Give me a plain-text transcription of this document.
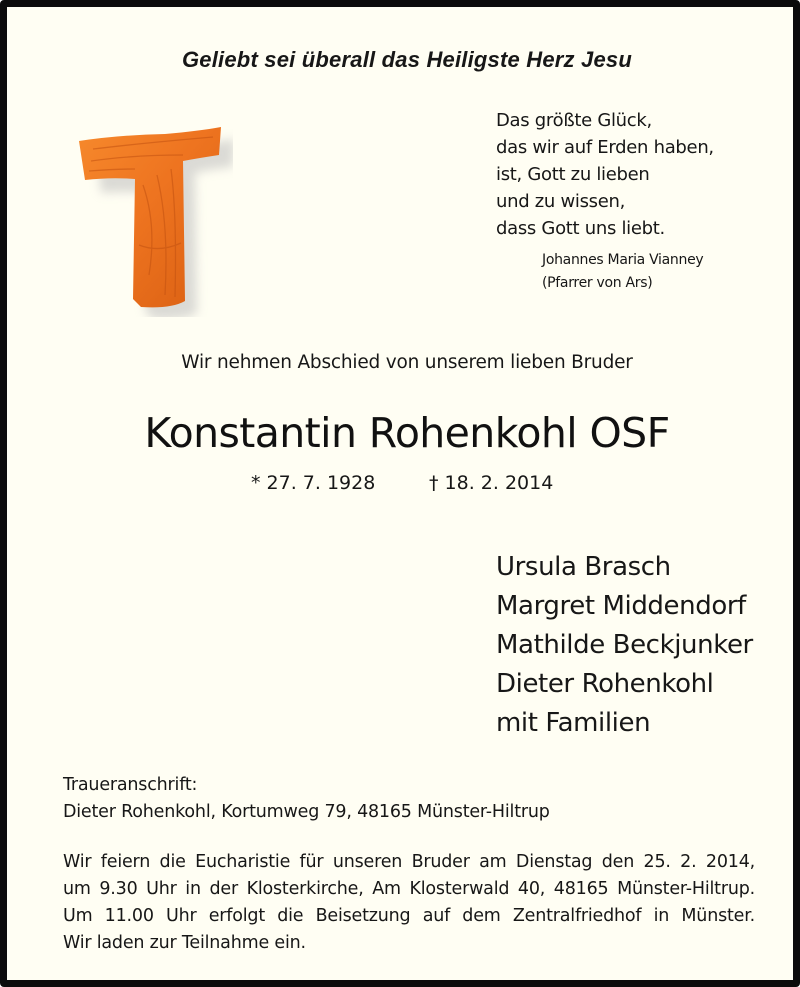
Geliebt sei überall das Heiligste Herz Jesu
Das größte Glück,
das wir auf Erden haben,
ist, Gott zu lieben
und zu wissen,
dass Gott uns liebt.
Johannes Maria Vianney
(Pfarrer von Ars)
Wir nehmen Abschied von unserem lieben Bruder
Konstantin Rohenkohl OSF
* 27. 7. 1928	† 18. 2. 2014
Ursula Brasch
Margret Middendorf
Mathilde Beckjunker
Dieter Rohenkohl
mit Familien
Traueranschrift:
Dieter Rohenkohl, Kortumweg 79, 48165 Münster-Hiltrup
Wir feiern die Eucharistie für unseren Bruder am Dienstag den 25. 2. 2014,
um 9.30 Uhr in der Klosterkirche, Am Klosterwald 40, 48165 Münster-Hiltrup.
Um 11.00 Uhr erfolgt die Beisetzung auf dem Zentralfriedhof in Münster.
Wir laden zur Teilnahme ein.
